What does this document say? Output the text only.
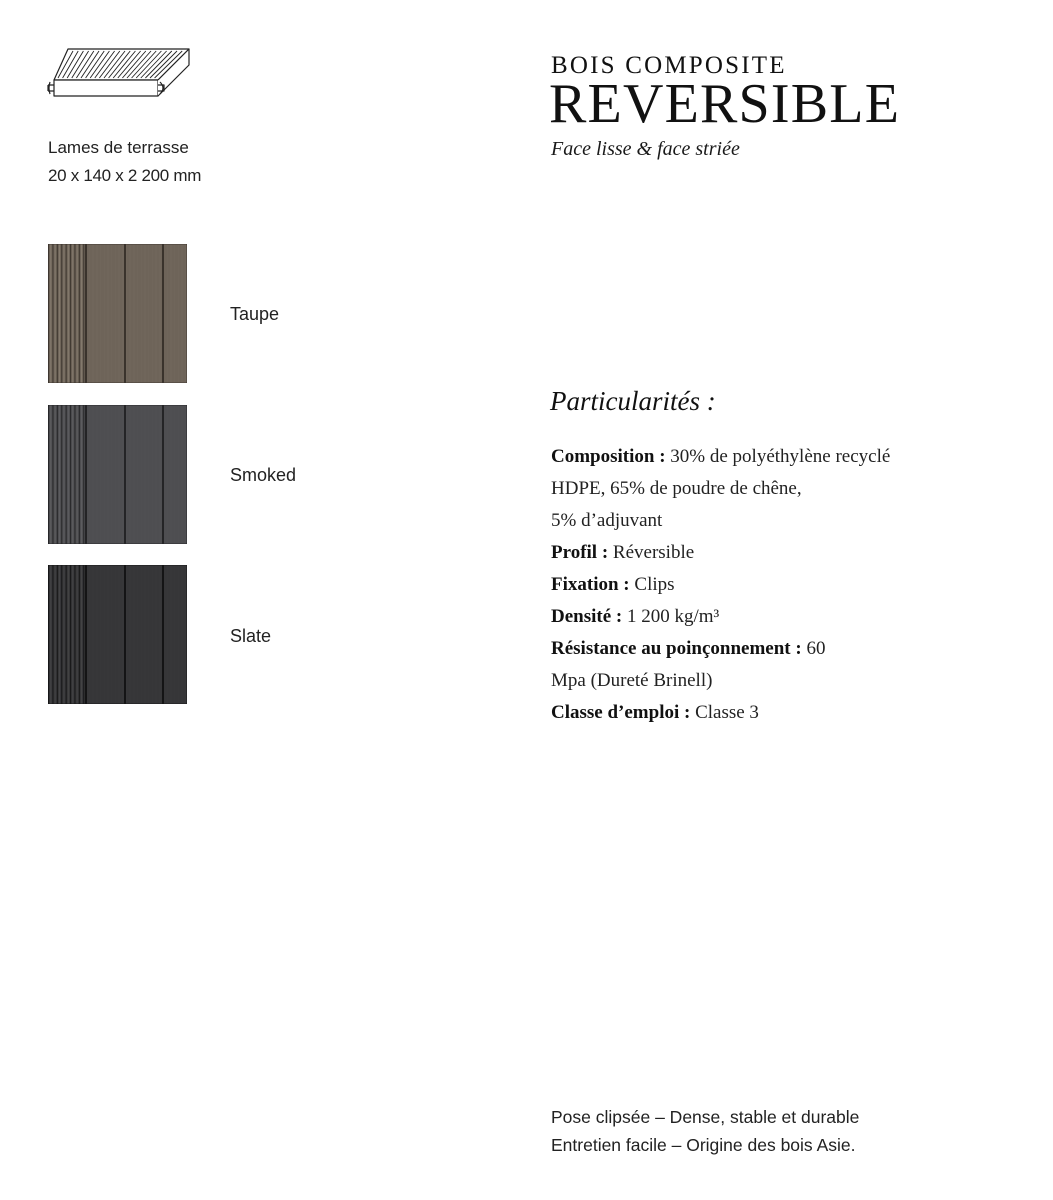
Lames de terrasse
20 x 140 x 2 200 mm
Taupe
Smoked
Slate
BOIS COMPOSITE
REVERSIBLE
Face lisse & face striée
Particularités :
Composition : 30% de polyéthylène recyclé
HDPE, 65% de poudre de chêne,
5% d’adjuvant
Profil : Réversible
Fixation : Clips
Densité : 1 200 kg/m³
Résistance au poinçonnement : 60
Mpa (Dureté Brinell)
Classe d’emploi : Classe 3
Pose clipsée – Dense, stable et durable
Entretien facile – Origine des bois Asie.
